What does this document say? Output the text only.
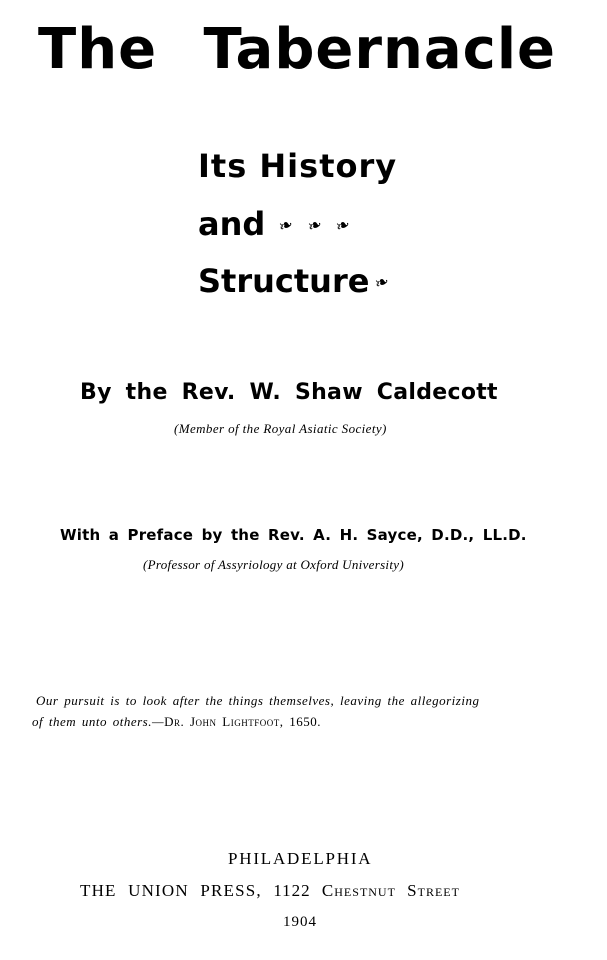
The Tabernacle
Its History
and ❧ ❧ ❧
Structure ❧
By the Rev. W. Shaw Caldecott
(Member of the Royal Asiatic Society)
With a Preface by the Rev. A. H. Sayce, D.D., LL.D.
(Professor of Assyriology at Oxford University)
Our pursuit is to look after the things themselves, leaving the allegorizing
of them unto others.—Dr. John Lightfoot, 1650.
PHILADELPHIA
THE UNION PRESS, 1122 Chestnut Street
1904
